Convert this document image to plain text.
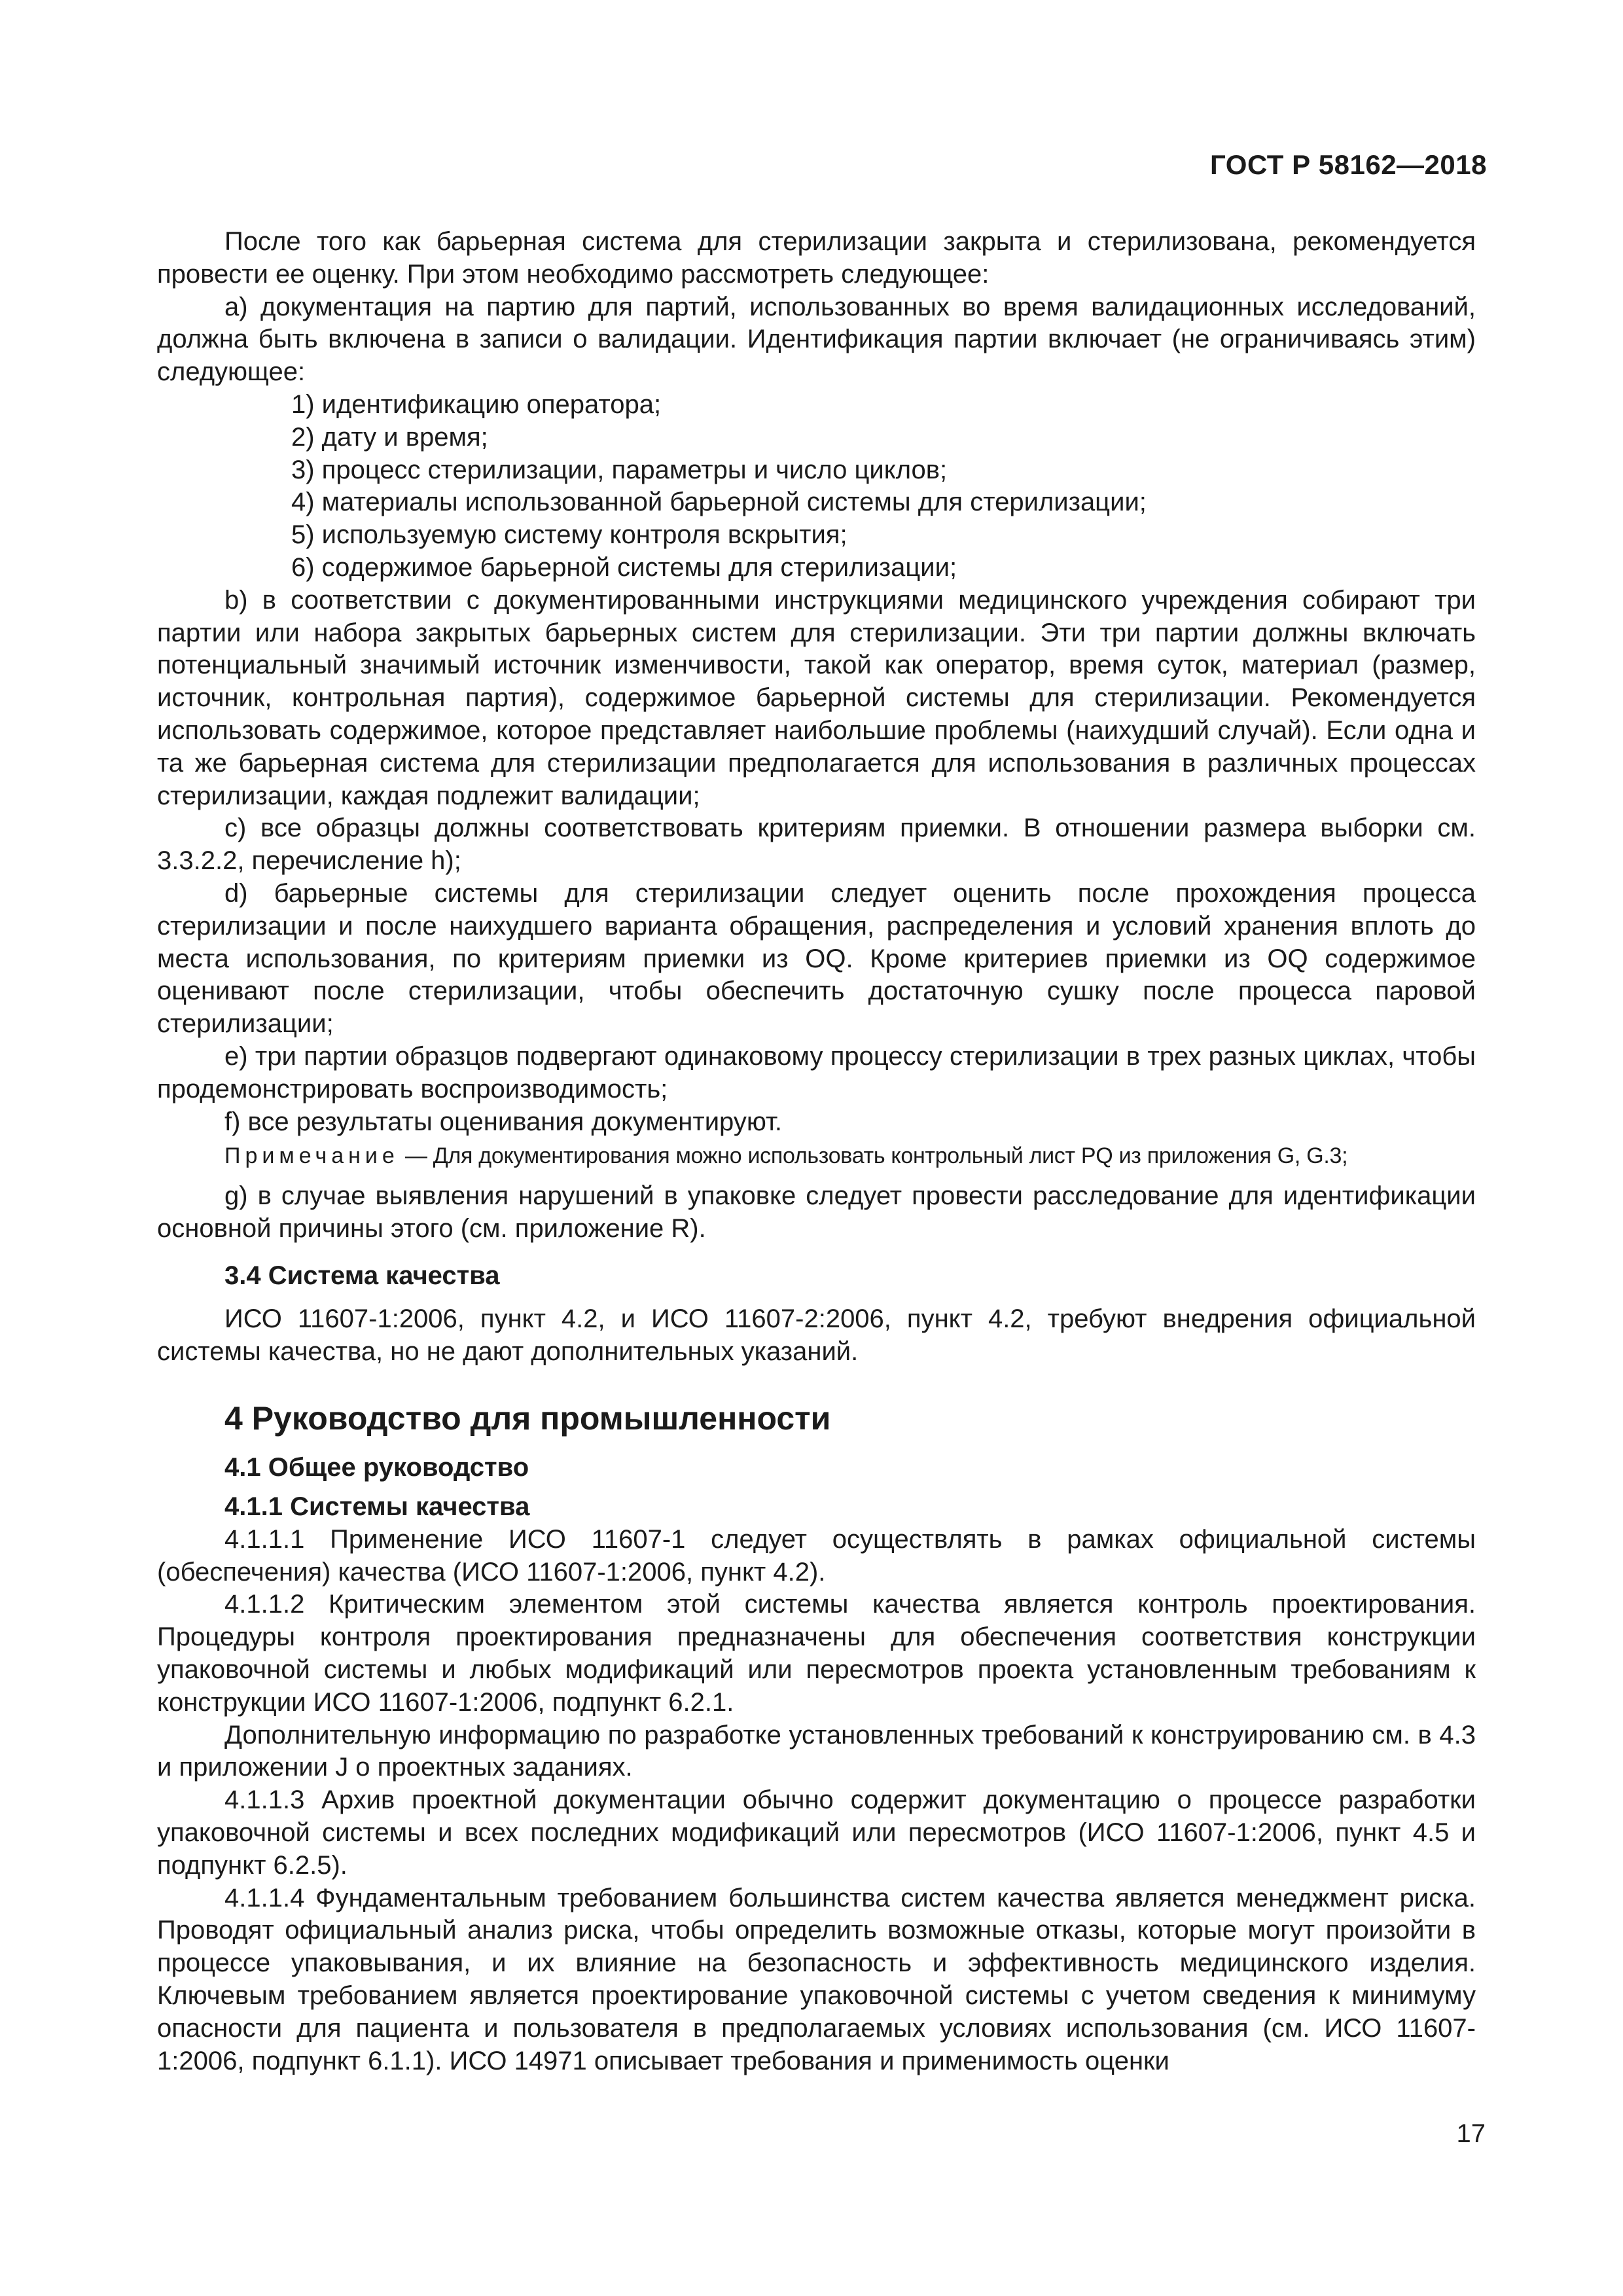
ГОСТ Р 58162—2018

После того как барьерная система для стерилизации закрыта и стерилизована, рекомендуется провести ее оценку. При этом необходимо рассмотреть следующее:

a) документация на партию для партий, использованных во время валидационных исследований, должна быть включена в записи о валидации. Идентификация партии включает (не ограничиваясь этим) следующее:

1) идентификацию оператора;

2) дату и время;

3) процесс стерилизации, параметры и число циклов;

4) материалы использованной барьерной системы для стерилизации;

5) используемую систему контроля вскрытия;

6) содержимое барьерной системы для стерилизации;

b) в соответствии с документированными инструкциями медицинского учреждения собирают три партии или набора закрытых барьерных систем для стерилизации. Эти три партии должны включать потенциальный значимый источник изменчивости, такой как оператор, время суток, материал (размер, источник, контрольная партия), содержимое барьерной системы для стерилизации. Рекомендуется использовать содержимое, которое представляет наибольшие проблемы (наихудший случай). Если одна и та же барьерная система для стерилизации предполагается для использования в различных процессах стерилизации, каждая подлежит валидации;

c) все образцы должны соответствовать критериям приемки. В отношении размера выборки см. 3.3.2.2, перечисление h);

d) барьерные системы для стерилизации следует оценить после прохождения процесса стерилизации и после наихудшего варианта обращения, распределения и условий хранения вплоть до места использования, по критериям приемки из OQ. Кроме критериев приемки из OQ содержимое оценивают после стерилизации, чтобы обеспечить достаточную сушку после процесса паровой стерилизации;

e) три партии образцов подвергают одинаковому процессу стерилизации в трех разных циклах, чтобы продемонстрировать воспроизводимость;

f) все результаты оценивания документируют.

Примечание — Для документирования можно использовать контрольный лист PQ из приложения G, G.3;

g) в случае выявления нарушений в упаковке следует провести расследование для идентификации основной причины этого (см. приложение R).

3.4 Система качества

ИСО 11607-1:2006, пункт 4.2, и ИСО 11607-2:2006, пункт 4.2, требуют внедрения официальной системы качества, но не дают дополнительных указаний.

4 Руководство для промышленности

4.1 Общее руководство

4.1.1 Системы качества

4.1.1.1 Применение ИСО 11607-1 следует осуществлять в рамках официальной системы (обеспечения) качества (ИСО 11607-1:2006, пункт 4.2).

4.1.1.2 Критическим элементом этой системы качества является контроль проектирования. Процедуры контроля проектирования предназначены для обеспечения соответствия конструкции упаковочной системы и любых модификаций или пересмотров проекта установленным требованиям к конструкции ИСО 11607-1:2006, подпункт 6.2.1.

Дополнительную информацию по разработке установленных требований к конструированию см. в 4.3 и приложении J о проектных заданиях.

4.1.1.3 Архив проектной документации обычно содержит документацию о процессе разработки упаковочной системы и всех последних модификаций или пересмотров (ИСО 11607-1:2006, пункт 4.5 и подпункт 6.2.5).

4.1.1.4 Фундаментальным требованием большинства систем качества является менеджмент риска. Проводят официальный анализ риска, чтобы определить возможные отказы, которые могут произойти в процессе упаковывания, и их влияние на безопасность и эффективность медицинского изделия. Ключевым требованием является проектирование упаковочной системы с учетом сведения к минимуму опасности для пациента и пользователя в предполагаемых условиях использования (см. ИСО 11607-1:2006, подпункт 6.1.1). ИСО 14971 описывает требования и применимость оценки

17
